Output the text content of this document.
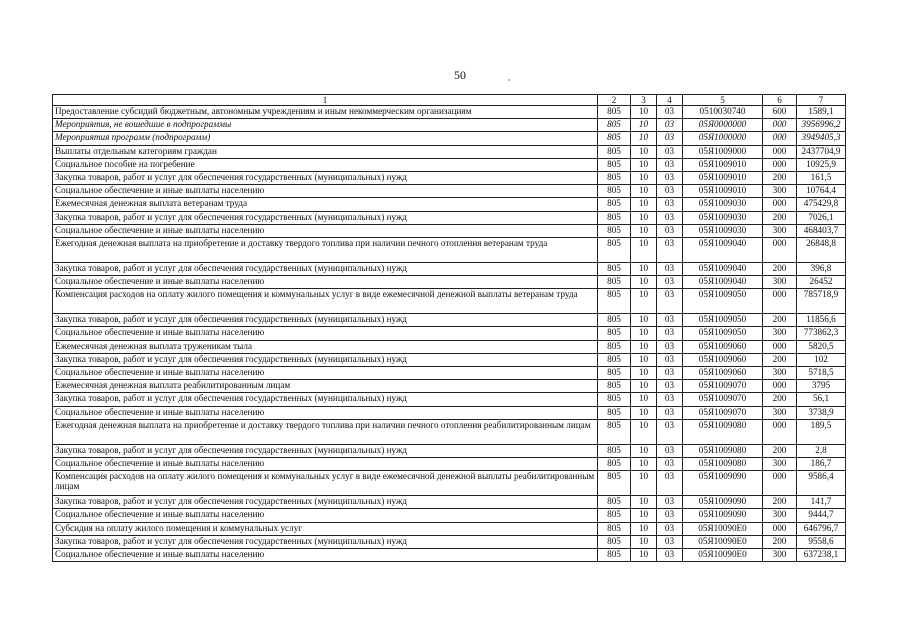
50
1	2	3	4	5	6	7
Предоставление субсидий бюджетным, автономным учреждениям и иным некоммерческим организациям	805	10	03	0510030740	600	1589,1
Мероприятия, не вошедшие в подпрограммы	805	10	03	05Я0000000	000	3956996,2
Мероприятия программ (подпрограмм)	805	10	03	05Я1000000	000	3949405,3
Выплаты отдельным категориям граждан	805	10	03	05Я1009000	000	2437704,9
Социальное пособие на погребение	805	10	03	05Я1009010	000	10925,9
Закупка товаров, работ и услуг для обеспечения государственных (муниципальных) нужд	805	10	03	05Я1009010	200	161,5
Социальное обеспечение и иные выплаты населению	805	10	03	05Я1009010	300	10764,4
Ежемесячная денежная выплата ветеранам труда	805	10	03	05Я1009030	000	475429,8
Закупка товаров, работ и услуг для обеспечения государственных (муниципальных) нужд	805	10	03	05Я1009030	200	7026,1
Социальное обеспечение и иные выплаты населению	805	10	03	05Я1009030	300	468403,7
Ежегодная денежная выплата на приобретение и доставку твердого топлива при наличии печного отопления ветеранам труда	805	10	03	05Я1009040	000	26848,8
Закупка товаров, работ и услуг для обеспечения государственных (муниципальных) нужд	805	10	03	05Я1009040	200	396,8
Социальное обеспечение и иные выплаты населению	805	10	03	05Я1009040	300	26452
Компенсация расходов на оплату жилого помещения и коммунальных услуг в виде ежемесячной денежной выплаты ветеранам труда	805	10	03	05Я1009050	000	785718,9
Закупка товаров, работ и услуг для обеспечения государственных (муниципальных) нужд	805	10	03	05Я1009050	200	11856,6
Социальное обеспечение и иные выплаты населению	805	10	03	05Я1009050	300	773862,3
Ежемесячная денежная выплата труженикам тыла	805	10	03	05Я1009060	000	5820,5
Закупка товаров, работ и услуг для обеспечения государственных (муниципальных) нужд	805	10	03	05Я1009060	200	102
Социальное обеспечение и иные выплаты населению	805	10	03	05Я1009060	300	5718,5
Ежемесячная денежная выплата реабилитированным лицам	805	10	03	05Я1009070	000	3795
Закупка товаров, работ и услуг для обеспечения государственных (муниципальных) нужд	805	10	03	05Я1009070	200	56,1
Социальное обеспечение и иные выплаты населению	805	10	03	05Я1009070	300	3738,9
Ежегодная денежная выплата на приобретение и доставку твердого топлива при наличии печного отопления реабилитированным лицам	805	10	03	05Я1009080	000	189,5
Закупка товаров, работ и услуг для обеспечения государственных (муниципальных) нужд	805	10	03	05Я1009080	200	2,8
Социальное обеспечение и иные выплаты населению	805	10	03	05Я1009080	300	186,7
Компенсация расходов на оплату жилого помещения и коммунальных услуг в виде ежемесячной денежной выплаты реабилитированным лицам	805	10	03	05Я1009090	000	9586,4
Закупка товаров, работ и услуг для обеспечения государственных (муниципальных) нужд	805	10	03	05Я1009090	200	141,7
Социальное обеспечение и иные выплаты населению	805	10	03	05Я1009090	300	9444,7
Субсидия на оплату жилого помещения и коммунальных услуг	805	10	03	05Я10090Е0	000	646796,7
Закупка товаров, работ и услуг для обеспечения государственных (муниципальных) нужд	805	10	03	05Я10090Е0	200	9558,6
Социальное обеспечение и иные выплаты населению	805	10	03	05Я10090Е0	300	637238,1
